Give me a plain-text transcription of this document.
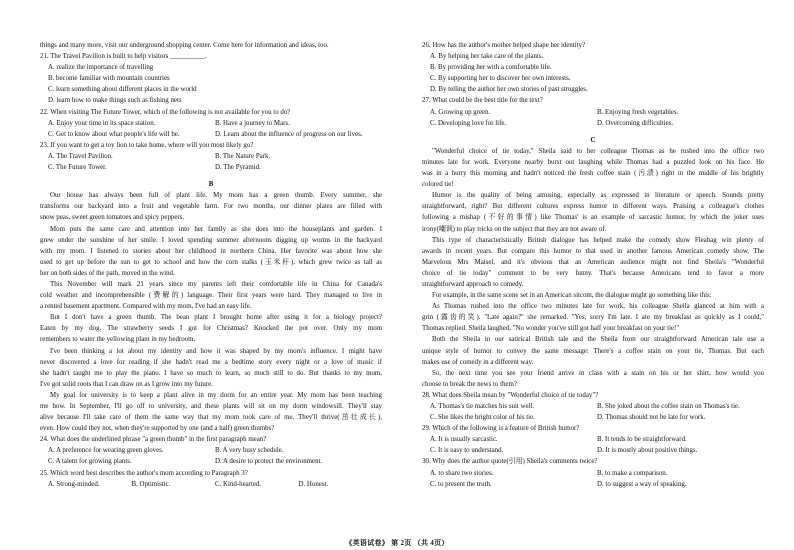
things and many more, visit our underground shopping center. Come here for information and ideas, too.
21. The Travel Pavilion is built to help visitors __________.
A. realize the importance of travelling
B. become familiar with mountain countries
C. learn something about different places in the world
D. learn how to make things such as fishing nets
22. When visiting The Future Tower, which of the following is not available for you to do?
A. Enjoy your time in its space station.	B. Have a journey to Mars.
C. Get to know about what people's life will be.	D. Learn about the influence of progress on our lives.
23. If you want to get a toy lion to take home, where will you most likely go?
A. The Travel Pavilion.	B. The Nature Park.
C. The Future Tower.	D. The Pyramid.
B
Our house has always been full of plant life. My mom has a green thumb. Every summer, she
transforms our backyard into a fruit and vegetable farm. For two months, our dinner plates are filled with
snow peas, sweet green tomatoes and spicy peppers.
Mom puts the same care and attention into her family as she does into the houseplants and garden. I
grew under the sunshine of her smile. I loved spending summer afternoons digging up worms in the backyard
with my mom. I listened to stories about her childhood in northern China. Her favorite was about how she
used to get up before the sun to get to school and how the corn stalks (玉米秆), which grew twice as tall as
her on both sides of the path, moved in the wind.
This November will mark 21 years since my parents left their comfortable life in China for Canada's
cold weather and incomprehensible (费解的) language. Their first years were hard. They managed to live in
a rented basement apartment. Compared with my mom, I've had an easy life.
But I don't have a green thumb. The bean plant I brought home after using it for a biology project?
Eaten by my dog. The strawberry seeds I got for Christmas? Knocked the pot over. Only my mom
remembers to water the yellowing plant in my bedroom.
I've been thinking a lot about my identity and how it was shaped by my mom's influence. I might have
never discovered a love for reading if she hadn't read me a bedtime story every night or a love of music if
she hadn't taught me to play the piano. I have so much to learn, so much still to do. But thanks to my mom,
I've got solid roots that I can draw on as I grow into my future.
My goal for university is to keep a plant alive in my dorm for an entire year. My mom has been teaching
me how. In September, I'll go off to university, and these plants will sit on my dorm windowsill. They'll stay
alive because I'll take care of them the same way that my mom took care of me. They'll thrive(茁壮成长),
even. How could they not, when they're supported by one (and a half) green thumbs?
24. What does the underlined phrase "a green thumb" in the first paragraph mean?
A. A preference for wearing green gloves.	B. A very busy schedule.
C. A talent for growing plants.	D. A desire to protect the environment.
25. Which word best describes the author's mom according to Paragraph 3?
A. Strong-minded.	B. Optimistic.	C. Kind-hearted.	D. Honest.
26. How has the author's mother helped shape her identity?
A. By helping her take care of the plants.
B. By providing her with a comfortable life.
C. By supporting her to discover her own interests.
D. By telling the author her own stories of past struggles.
27. What could be the best title for the text?
A. Growing up green.	B. Enjoying fresh vegetables.
C. Developing love for life.	D. Overcoming difficulties.
C
"Wonderful choice of tie today," Sheila said to her colleague Thomas as he rushed into the office two
minutes late for work. Everyone nearby burst out laughing while Thomas had a puzzled look on his face. He
was in a hurry this morning and hadn't noticed the fresh coffee stain (污渍) right in the middle of his brightly
colored tie!
Humor is the quality of being amusing, especially as expressed in literature or speech. Sounds pretty
straightforward, right? But different cultures express humor in different ways. Praising a colleague's clothes
following a mishap (不好的事情) like Thomas' is an example of sarcastic humor, by which the joker uses
irony(嘲讽) to play tricks on the subject that they are not aware of.
This type of characteristically British dialogue has helped make the comedy show Fleabag win plenty of
awards in recent years. But compare this humor to that used in another famous American comedy show, The
Marvelous Mrs Maisel, and it's obvious that an American audience might not find Sheila's "Wonderful
choice of tie today" comment to be very funny. That's because Americans tend to favor a more
straightforward approach to comedy.
For example, in the same scene set in an American sitcom, the dialogue might go something like this:
As Thomas rushed into the office two minutes late for work, his colleague Sheila glanced at him with a
grin (露齿的笑). "Late again?" she remarked. "Yes, sorry I'm late. I ate my breakfast as quickly as I could,"
Thomas replied. Sheila laughed, "No wonder you've still got half your breakfast on your tie!"
Both the Sheila in our satirical British tale and the Sheila from our straightforward American tale use a
unique style of humor to convey the same message: There's a coffee stain on your tie, Thomas. But each
makes use of comedy in a different way.
So, the next time you see your friend arrive in class with a stain on his or her shirt, how would you
choose to break the news to them?
28. What does Sheila mean by "Wonderful choice of tie today"?
A. Thomas's tie matches his suit well.	B. She joked about the coffee stain on Thomas's tie.
C. She likes the bright color of his tie.	D. Thomas should not be late for work.
29. Which of the following is a feature of British humor?
A. It is usually sarcastic.	B. It tends to be straightforward.
C. It is easy to understand.	D. It is mostly about positive things.
30. Why does the author quote(引用) Sheila's comments twice?
A. to share two stories.	B. to make a comparison.
C. to present the truth.	D. to suggest a way of speaking.
《英语试卷》 第 2页 （共 4页）
